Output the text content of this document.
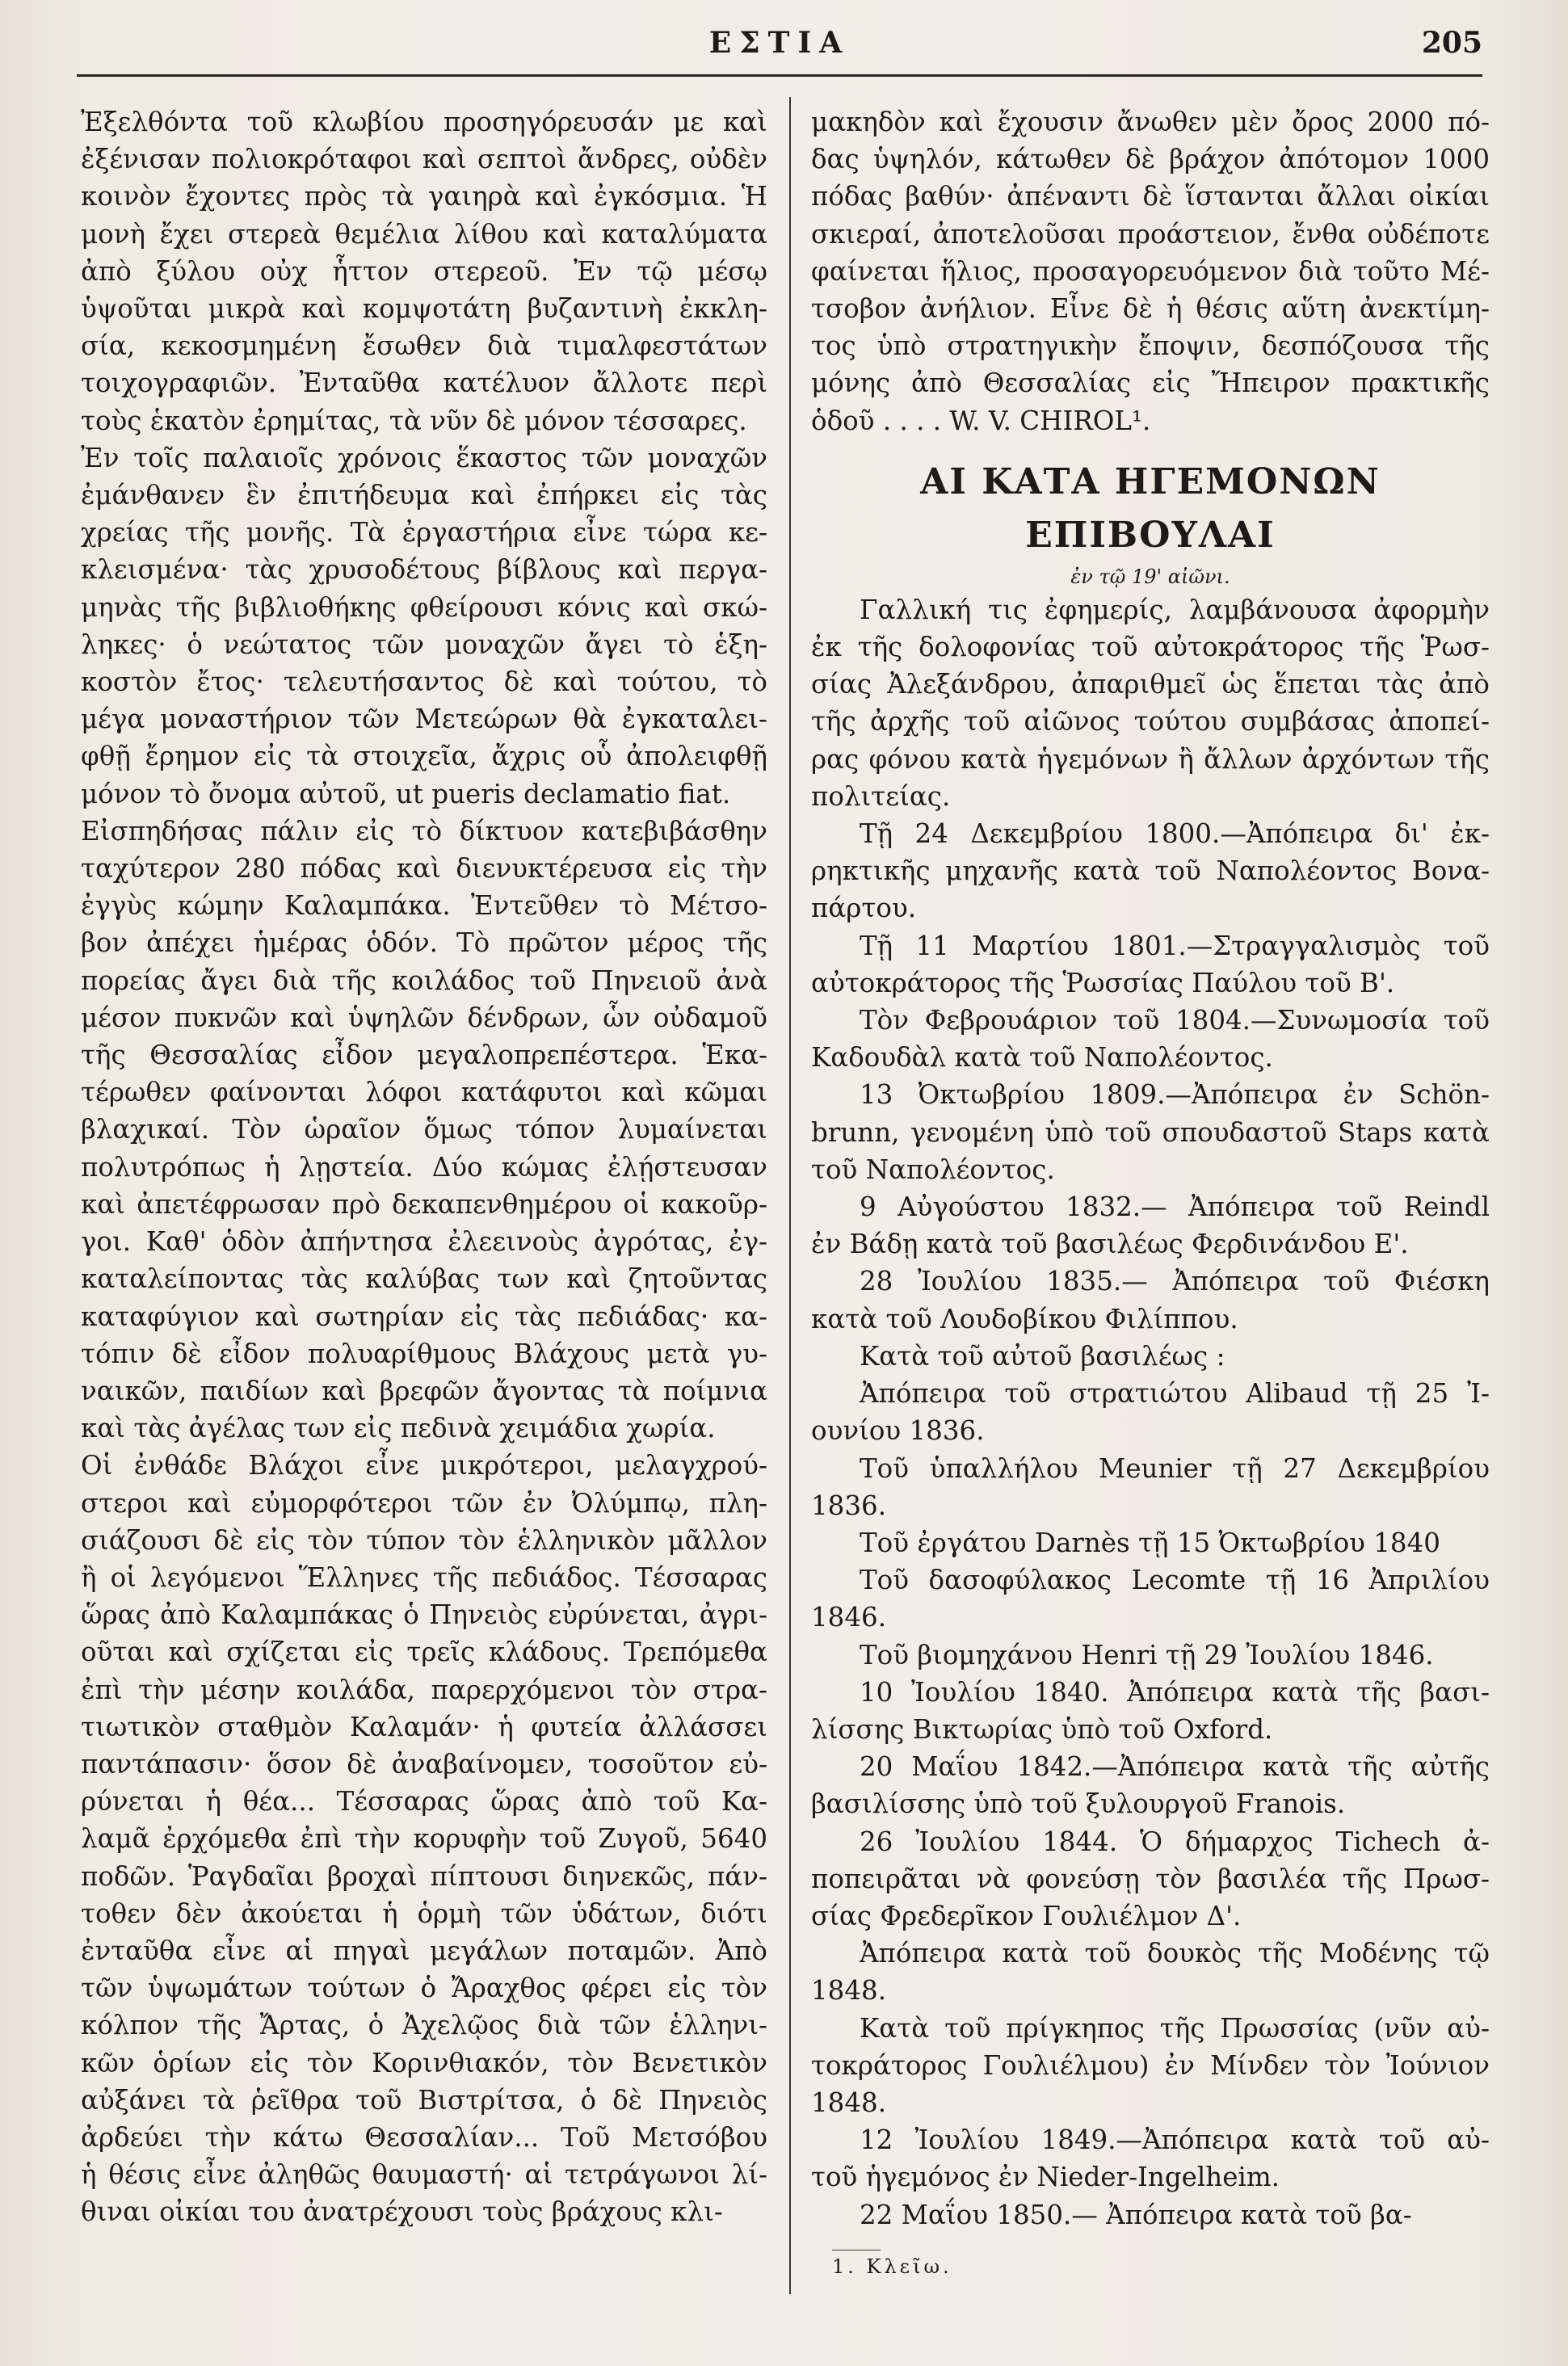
ΕΣΤΙΑ	205
Ἐξελθόντα τοῦ κλωβίου προσηγόρευσάν με καὶ
ἐξένισαν πολιοκρόταφοι καὶ σεπτοὶ ἄνδρες, οὐδὲν
κοινὸν ἔχοντες πρὸς τὰ γαιηρὰ καὶ ἐγκόσμια. Ἡ
μονὴ ἔχει στερεὰ θεμέλια λίθου καὶ καταλύματα
ἀπὸ ξύλου οὐχ ἧττον στερεοῦ. Ἐν τῷ μέσῳ
ὑψοῦται μικρὰ καὶ κομψοτάτη βυζαντινὴ ἐκκλη-
σία, κεκοσμημένη ἔσωθεν διὰ τιμαλφεστάτων
τοιχογραφιῶν. Ἐνταῦθα κατέλυον ἄλλοτε περὶ
τοὺς ἑκατὸν ἐρημίτας, τὰ νῦν δὲ μόνον τέσσαρες.
Ἐν τοῖς παλαιοῖς χρόνοις ἕκαστος τῶν μοναχῶν
ἐμάνθανεν ἓν ἐπιτήδευμα καὶ ἐπήρκει εἰς τὰς
χρείας τῆς μονῆς. Τὰ ἐργαστήρια εἶνε τώρα κε-
κλεισμένα· τὰς χρυσοδέτους βίβλους καὶ περγα-
μηνὰς τῆς βιβλιοθήκης φθείρουσι κόνις καὶ σκώ-
ληκες· ὁ νεώτατος τῶν μοναχῶν ἄγει τὸ ἑξη-
κοστὸν ἔτος· τελευτήσαντος δὲ καὶ τούτου, τὸ
μέγα μοναστήριον τῶν Μετεώρων θὰ ἐγκαταλει-
φθῇ ἔρημον εἰς τὰ στοιχεῖα, ἄχρις οὗ ἀπολειφθῇ
μόνον τὸ ὄνομα αὐτοῦ, ut pueris declamatio fiat.
Εἰσπηδήσας πάλιν εἰς τὸ δίκτυον κατεβιβάσθην
ταχύτερον 280 πόδας καὶ διενυκτέρευσα εἰς τὴν
ἐγγὺς κώμην Καλαμπάκα. Ἐντεῦθεν τὸ Μέτσο-
βον ἀπέχει ἡμέρας ὁδόν. Τὸ πρῶτον μέρος τῆς
πορείας ἄγει διὰ τῆς κοιλάδος τοῦ Πηνειοῦ ἀνὰ
μέσον πυκνῶν καὶ ὑψηλῶν δένδρων, ὧν οὐδαμοῦ
τῆς Θεσσαλίας εἶδον μεγαλοπρεπέστερα. Ἑκα-
τέρωθεν φαίνονται λόφοι κατάφυτοι καὶ κῶμαι
βλαχικαί. Τὸν ὡραῖον ὅμως τόπον λυμαίνεται
πολυτρόπως ἡ λῃστεία. Δύο κώμας ἐλῄστευσαν
καὶ ἀπετέφρωσαν πρὸ δεκαπενθημέρου οἱ κακοῦρ-
γοι. Καθ' ὁδὸν ἀπήντησα ἐλεεινοὺς ἀγρότας, ἐγ-
καταλείποντας τὰς καλύβας των καὶ ζητοῦντας
καταφύγιον καὶ σωτηρίαν εἰς τὰς πεδιάδας· κα-
τόπιν δὲ εἶδον πολυαρίθμους Βλάχους μετὰ γυ-
ναικῶν, παιδίων καὶ βρεφῶν ἄγοντας τὰ ποίμνια
καὶ τὰς ἀγέλας των εἰς πεδινὰ χειμάδια χωρία.
Οἱ ἐνθάδε Βλάχοι εἶνε μικρότεροι, μελαγχρού-
στεροι καὶ εὐμορφότεροι τῶν ἐν Ὀλύμπῳ, πλη-
σιάζουσι δὲ εἰς τὸν τύπον τὸν ἑλληνικὸν μᾶλλον
ἢ οἱ λεγόμενοι Ἕλληνες τῆς πεδιάδος. Τέσσαρας
ὥρας ἀπὸ Καλαμπάκας ὁ Πηνειὸς εὐρύνεται, ἀγρι-
οῦται καὶ σχίζεται εἰς τρεῖς κλάδους. Τρεπόμεθα
ἐπὶ τὴν μέσην κοιλάδα, παρερχόμενοι τὸν στρα-
τιωτικὸν σταθμὸν Καλαμάν· ἡ φυτεία ἀλλάσσει
παντάπασιν· ὅσον δὲ ἀναβαίνομεν, τοσοῦτον εὐ-
ρύνεται ἡ θέα... Τέσσαρας ὥρας ἀπὸ τοῦ Κα-
λαμᾶ ἐρχόμεθα ἐπὶ τὴν κορυφὴν τοῦ Ζυγοῦ, 5640
ποδῶν. Ῥαγδαῖαι βροχαὶ πίπτουσι διηνεκῶς, πάν-
τοθεν δὲν ἀκούεται ἡ ὁρμὴ τῶν ὑδάτων, διότι
ἐνταῦθα εἶνε αἱ πηγαὶ μεγάλων ποταμῶν. Ἀπὸ
τῶν ὑψωμάτων τούτων ὁ Ἄραχθος φέρει εἰς τὸν
κόλπον τῆς Ἄρτας, ὁ Ἀχελῷος διὰ τῶν ἑλληνι-
κῶν ὁρίων εἰς τὸν Κορινθιακόν, τὸν Βενετικὸν
αὐξάνει τὰ ῥεῖθρα τοῦ Βιστρίτσα, ὁ δὲ Πηνειὸς
ἀρδεύει τὴν κάτω Θεσσαλίαν... Τοῦ Μετσόβου
ἡ θέσις εἶνε ἀληθῶς θαυμαστή· αἱ τετράγωνοι λί-
θιναι οἰκίαι του ἀνατρέχουσι τοὺς βράχους κλι-
μακηδὸν καὶ ἔχουσιν ἄνωθεν μὲν ὄρος 2000 πό-
δας ὑψηλόν, κάτωθεν δὲ βράχον ἀπότομον 1000
πόδας βαθύν· ἀπέναντι δὲ ἵστανται ἄλλαι οἰκίαι
σκιεραί, ἀποτελοῦσαι προάστειον, ἔνθα οὐδέποτε
φαίνεται ἥλιος, προσαγορευόμενον διὰ τοῦτο Μέ-
τσοβον ἀνήλιον. Εἶνε δὲ ἡ θέσις αὕτη ἀνεκτίμη-
τος ὑπὸ στρατηγικὴν ἔποψιν, δεσπόζουσα τῆς
μόνης ἀπὸ Θεσσαλίας εἰς Ἤπειρον πρακτικῆς
ὁδοῦ . . . . W. V. CHIROL¹.
ΑΙ ΚΑΤΑ ΗΓΕΜΟΝΩΝ ΕΠΙΒΟΥΛΑΙ
ἐν τῷ 19' αἰῶνι.
Γαλλική τις ἐφημερίς, λαμβάνουσα ἀφορμὴν
ἐκ τῆς δολοφονίας τοῦ αὐτοκράτορος τῆς Ῥωσ-
σίας Ἀλεξάνδρου, ἀπαριθμεῖ ὡς ἕπεται τὰς ἀπὸ
τῆς ἀρχῆς τοῦ αἰῶνος τούτου συμβάσας ἀποπεί-
ρας φόνου κατὰ ἡγεμόνων ἢ ἄλλων ἀρχόντων τῆς
πολιτείας.
Τῇ 24 Δεκεμβρίου 1800.—Ἀπόπειρα δι' ἐκ-
ρηκτικῆς μηχανῆς κατὰ τοῦ Ναπολέοντος Βονα-
πάρτου.
Τῇ 11 Μαρτίου 1801.—Στραγγαλισμὸς τοῦ
αὐτοκράτορος τῆς Ῥωσσίας Παύλου τοῦ Β'.
Τὸν Φεβρουάριον τοῦ 1804.—Συνωμοσία τοῦ
Καδουδὰλ κατὰ τοῦ Ναπολέοντος.
13 Ὀκτωβρίου 1809.—Ἀπόπειρα ἐν Schön-
brunn, γενομένη ὑπὸ τοῦ σπουδαστοῦ Staps κατὰ
τοῦ Ναπολέοντος.
9 Αὐγούστου 1832.— Ἀπόπειρα τοῦ Reindl
ἐν Βάδῃ κατὰ τοῦ βασιλέως Φερδινάνδου Ε'.
28 Ἰουλίου 1835.— Ἀπόπειρα τοῦ Φιέσκη
κατὰ τοῦ Λουδοβίκου Φιλίππου.
Κατὰ τοῦ αὐτοῦ βασιλέως :
Ἀπόπειρα τοῦ στρατιώτου Alibaud τῇ 25 Ἰ-
ουνίου 1836.
Τοῦ ὑπαλλήλου Meunier τῇ 27 Δεκεμβρίου
1836.
Τοῦ ἐργάτου Darnès τῇ 15 Ὀκτωβρίου 1840
Τοῦ δασοφύλακος Lecomte τῇ 16 Ἀπριλίου
1846.
Τοῦ βιομηχάνου Henri τῇ 29 Ἰουλίου 1846.
10 Ἰουλίου 1840. Ἀπόπειρα κατὰ τῆς βασι-
λίσσης Βικτωρίας ὑπὸ τοῦ Oxford.
20 Μαΐου 1842.—Ἀπόπειρα κατὰ τῆς αὐτῆς
βασιλίσσης ὑπὸ τοῦ ξυλουργοῦ Franois.
26 Ἰουλίου 1844. Ὁ δήμαρχος Tichech ἀ-
ποπειρᾶται νὰ φονεύσῃ τὸν βασιλέα τῆς Πρωσ-
σίας Φρεδερῖκον Γουλιέλμον Δ'.
Ἀπόπειρα κατὰ τοῦ δουκὸς τῆς Μοδένης τῷ
1848.
Κατὰ τοῦ πρίγκηπος τῆς Πρωσσίας (νῦν αὐ-
τοκράτορος Γουλιέλμου) ἐν Μίνδεν τὸν Ἰούνιον
1848.
12 Ἰουλίου 1849.—Ἀπόπειρα κατὰ τοῦ αὐ-
τοῦ ἡγεμόνος ἐν Nieder-Ingelheim.
22 Μαΐου 1850.— Ἀπόπειρα κατὰ τοῦ βα-
1. Κλεῖω.
